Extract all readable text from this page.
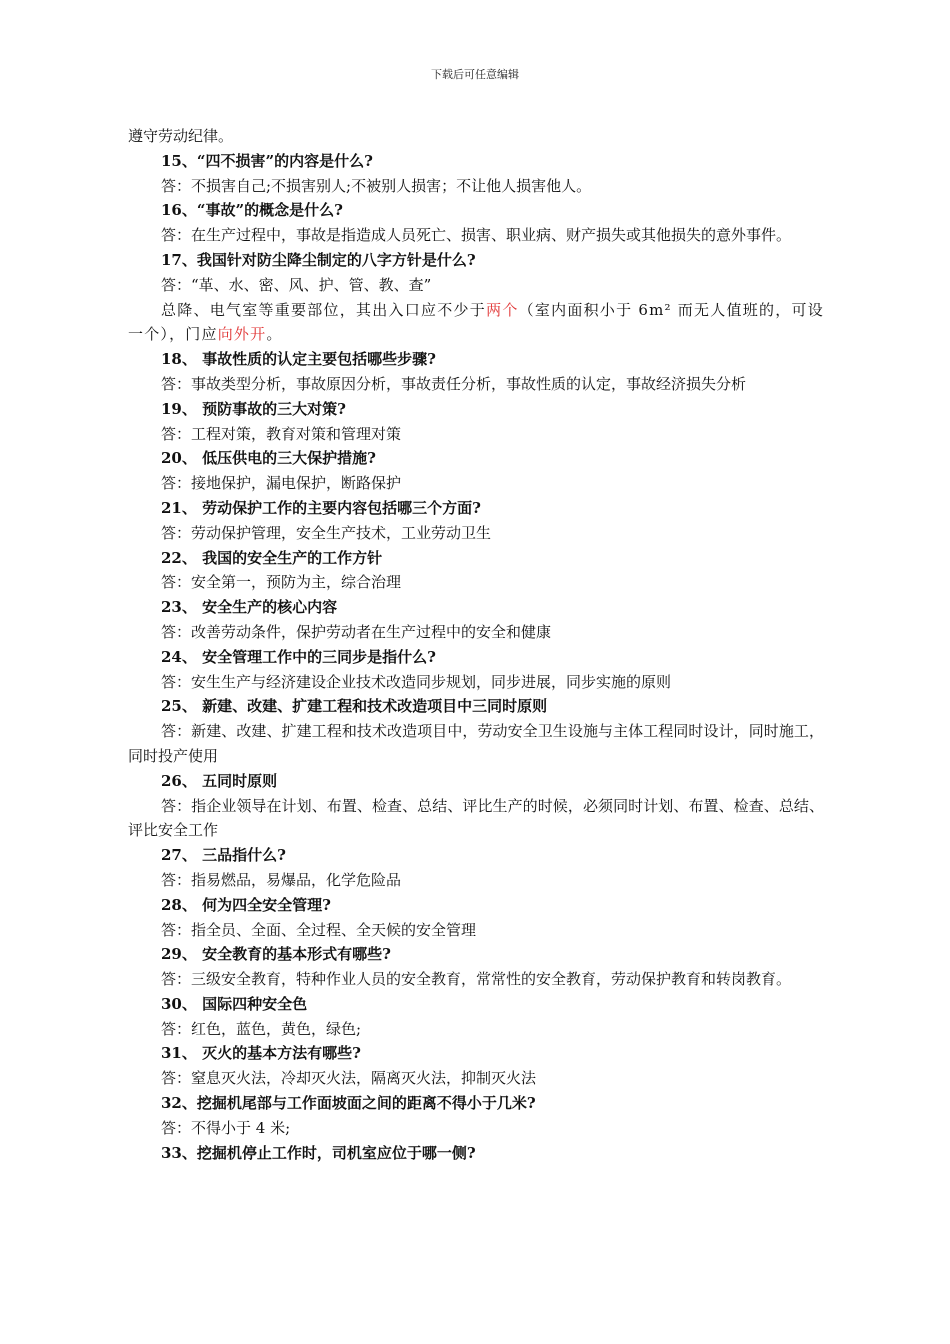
下载后可任意编辑
遵守劳动纪律。
15、“四不损害”的内容是什么?
答：不损害自己;不损害别人;不被别人损害；不让他人损害他人。
16、“事故”的概念是什么?
答：在生产过程中，事故是指造成人员死亡、损害、职业病、财产损失或其他损失的意外事件。
17、我国针对防尘降尘制定的八字方针是什么?
答：“革、水、密、风、护、管、教、查”
总降、电气室等重要部位，其出入口应不少于两个（室内面积小于 6m² 而无人值班的，可设一个），门应向外开。
18、 事故性质的认定主要包括哪些步骤?
答：事故类型分析，事故原因分析，事故责任分析，事故性质的认定，事故经济损失分析
19、 预防事故的三大对策?
答：工程对策，教育对策和管理对策
20、 低压供电的三大保护措施?
答：接地保护，漏电保护，断路保护
21、 劳动保护工作的主要内容包括哪三个方面?
答：劳动保护管理，安全生产技术，工业劳动卫生
22、 我国的安全生产的工作方针
答：安全第一，预防为主，综合治理
23、 安全生产的核心内容
答：改善劳动条件，保护劳动者在生产过程中的安全和健康
24、 安全管理工作中的三同步是指什么?
答：安生生产与经济建设企业技术改造同步规划，同步进展，同步实施的原则
25、 新建、改建、扩建工程和技术改造项目中三同时原则
答：新建、改建、扩建工程和技术改造项目中，劳动安全卫生设施与主体工程同时设计，同时施工，同时投产使用
26、 五同时原则
答：指企业领导在计划、布置、检查、总结、评比生产的时候，必须同时计划、布置、检查、总结、评比安全工作
27、 三品指什么?
答：指易燃品，易爆品，化学危险品
28、 何为四全安全管理?
答：指全员、全面、全过程、全天候的安全管理
29、 安全教育的基本形式有哪些?
答：三级安全教育，特种作业人员的安全教育，常常性的安全教育，劳动保护教育和转岗教育。
30、 国际四种安全色
答：红色，蓝色，黄色，绿色;
31、 灭火的基本方法有哪些?
答：窒息灭火法，冷却灭火法，隔离灭火法，抑制灭火法
32、挖掘机尾部与工作面坡面之间的距离不得小于几米?
答：不得小于 4 米;
33、挖掘机停止工作时，司机室应位于哪一侧?
